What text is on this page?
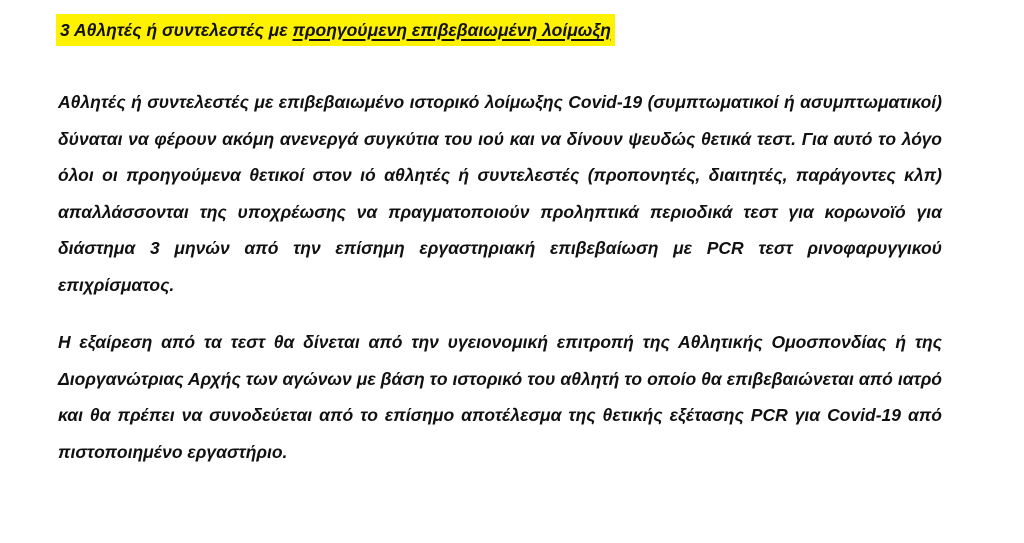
3 Αθλητές ή συντελεστές με προηγούμενη επιβεβαιωμένη λοίμωξη
Αθλητές ή συντελεστές με επιβεβαιωμένο ιστορικό λοίμωξης Covid-19 (συμπτωματικοί ή ασυμπτωματικοί) δύναται να φέρουν ακόμη ανενεργά συγκύτια του ιού και να δίνουν ψευδώς θετικά τεστ. Για αυτό το λόγο όλοι οι προηγούμενα θετικοί στον ιό αθλητές ή συντελεστές (προπονητές, διαιτητές, παράγοντες κλπ) απαλλάσσονται της υποχρέωσης να πραγματοποιούν προληπτικά περιοδικά τεστ για κορωνοϊό για διάστημα 3 μηνών από την επίσημη εργαστηριακή επιβεβαίωση με PCR τεστ ρινοφαρυγγικού επιχρίσματος.
Η εξαίρεση από τα τεστ θα δίνεται από την υγειονομική επιτροπή της Αθλητικής Ομοσπονδίας ή της Διοργανώτριας Αρχής των αγώνων με βάση το ιστορικό του αθλητή το οποίο θα επιβεβαιώνεται από ιατρό και θα πρέπει να συνοδεύεται από το επίσημο αποτέλεσμα της θετικής εξέτασης PCR για Covid-19 από πιστοποιημένο εργαστήριο.
